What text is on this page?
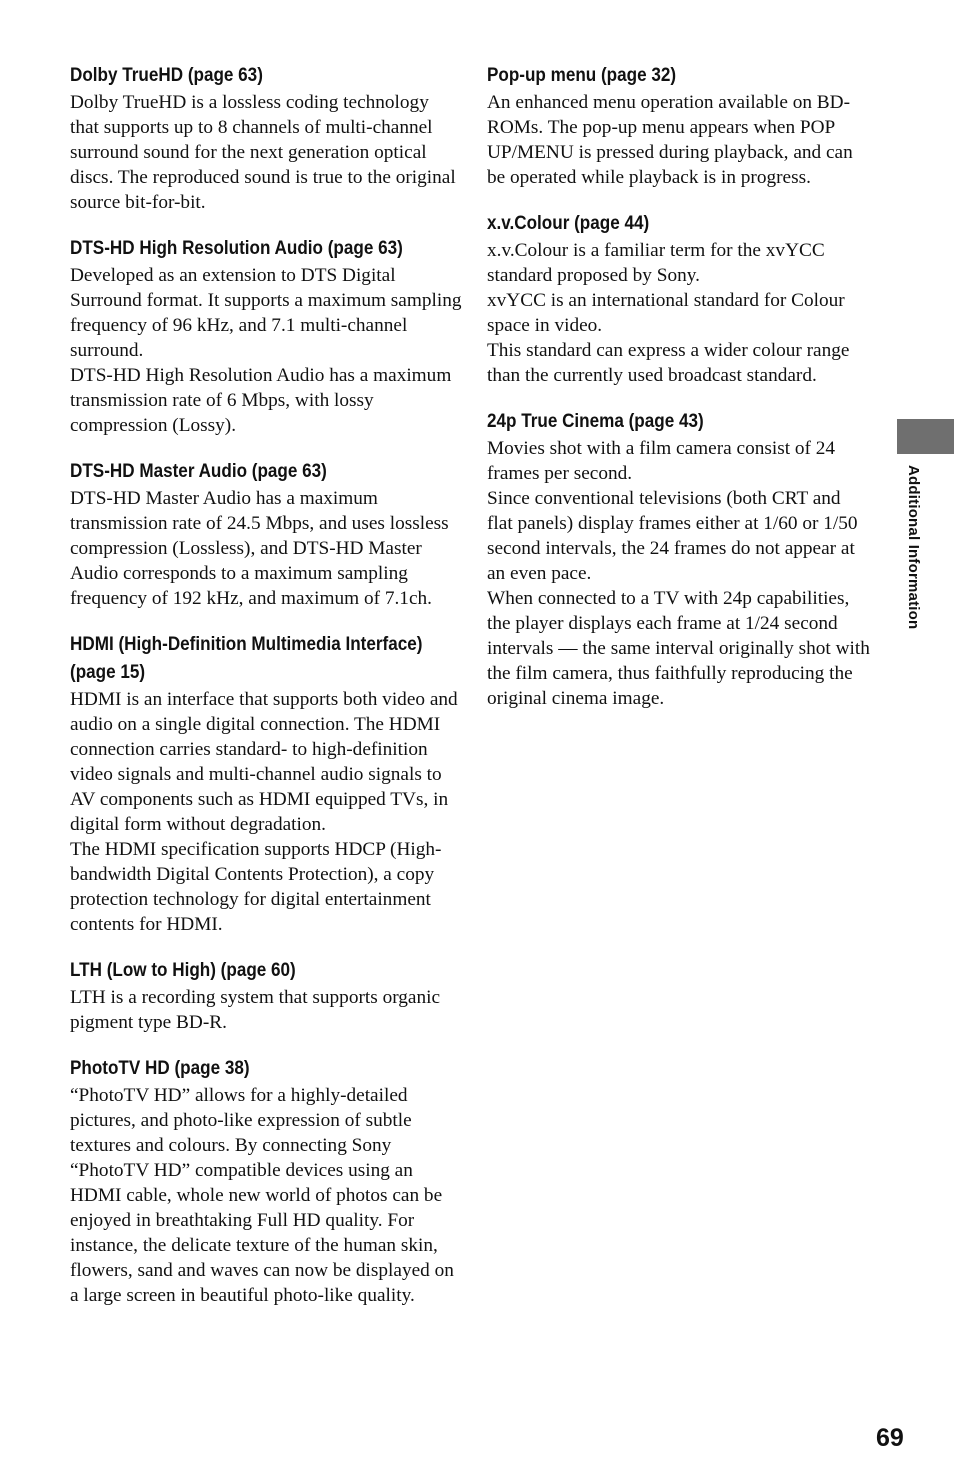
Dolby TrueHD (page 63)

Dolby TrueHD is a lossless coding technology that supports up to 8 channels of multi-channel surround sound for the next generation optical discs. The reproduced sound is true to the original source bit-for-bit.

DTS-HD High Resolution Audio (page 63)

Developed as an extension to DTS Digital Surround format. It supports a maximum sampling frequency of 96 kHz, and 7.1 multi-channel surround.

DTS-HD High Resolution Audio has a maximum transmission rate of 6 Mbps, with lossy compression (Lossy).

DTS-HD Master Audio (page 63)

DTS-HD Master Audio has a maximum transmission rate of 24.5 Mbps, and uses lossless compression (Lossless), and DTS-HD Master Audio corresponds to a maximum sampling frequency of 192 kHz, and maximum of 7.1ch.

HDMI (High-Definition Multimedia Interface) (page 15)

HDMI is an interface that supports both video and audio on a single digital connection. The HDMI connection carries standard- to high-definition video signals and multi-channel audio signals to AV components such as HDMI equipped TVs, in digital form without degradation.

The HDMI specification supports HDCP (High-bandwidth Digital Contents Protection), a copy protection technology for digital entertainment contents for HDMI.

LTH (Low to High) (page 60)

LTH is a recording system that supports organic pigment type BD-R.

PhotoTV HD (page 38)

“PhotoTV HD” allows for a highly-detailed pictures, and photo-like expression of subtle textures and colours. By connecting Sony “PhotoTV HD” compatible devices using an HDMI cable, whole new world of photos can be enjoyed in breathtaking Full HD quality. For instance, the delicate texture of the human skin, flowers, sand and waves can now be displayed on a large screen in beautiful photo-like quality.

Pop-up menu (page 32)

An enhanced menu operation available on BD-ROMs. The pop-up menu appears when POP UP/MENU is pressed during playback, and can be operated while playback is in progress.

x.v.Colour (page 44)

x.v.Colour is a familiar term for the xvYCC standard proposed by Sony.

xvYCC is an international standard for Colour space in video.

This standard can express a wider colour range than the currently used broadcast standard.

24p True Cinema (page 43)

Movies shot with a film camera consist of 24 frames per second.

Since conventional televisions (both CRT and flat panels) display frames either at 1/60 or 1/50 second intervals, the 24 frames do not appear at an even pace.

When connected to a TV with 24p capabilities, the player displays each frame at 1/24 second intervals — the same interval originally shot with the film camera, thus faithfully reproducing the original cinema image.

Additional Information
69
